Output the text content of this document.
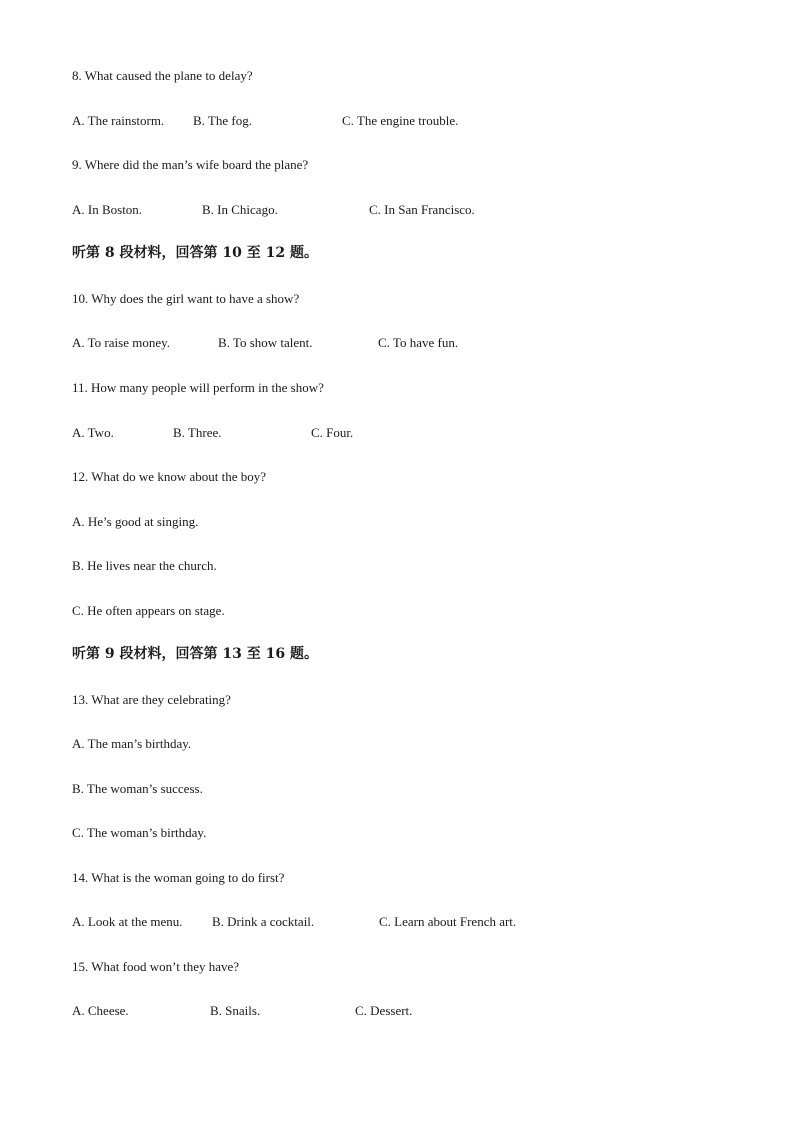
8. What caused the plane to delay?
A. The rainstorm. B. The fog.	C. The engine trouble.
9. Where did the man’s wife board the plane?
A. In Boston.	B. In Chicago.	C. In San Francisco.
听第 8 段材料，回答第 10 至 12 题。
10. Why does the girl want to have a show?
A. To raise money.	B. To show talent.	C. To have fun.
11. How many people will perform in the show?
A. Two.	B. Three.	C. Four.
12. What do we know about the boy?
A. He’s good at singing.
B. He lives near the church.
C. He often appears on stage.
听第 9 段材料，回答第 13 至 16 题。
13. What are they celebrating?
A. The man’s birthday.
B. The woman’s success.
C. The woman’s birthday.
14. What is the woman going to do first?
A. Look at the menu. B. Drink a cocktail.	C. Learn about French art.
15. What food won’t they have?
A. Cheese.	B. Snails.	C. Dessert.
